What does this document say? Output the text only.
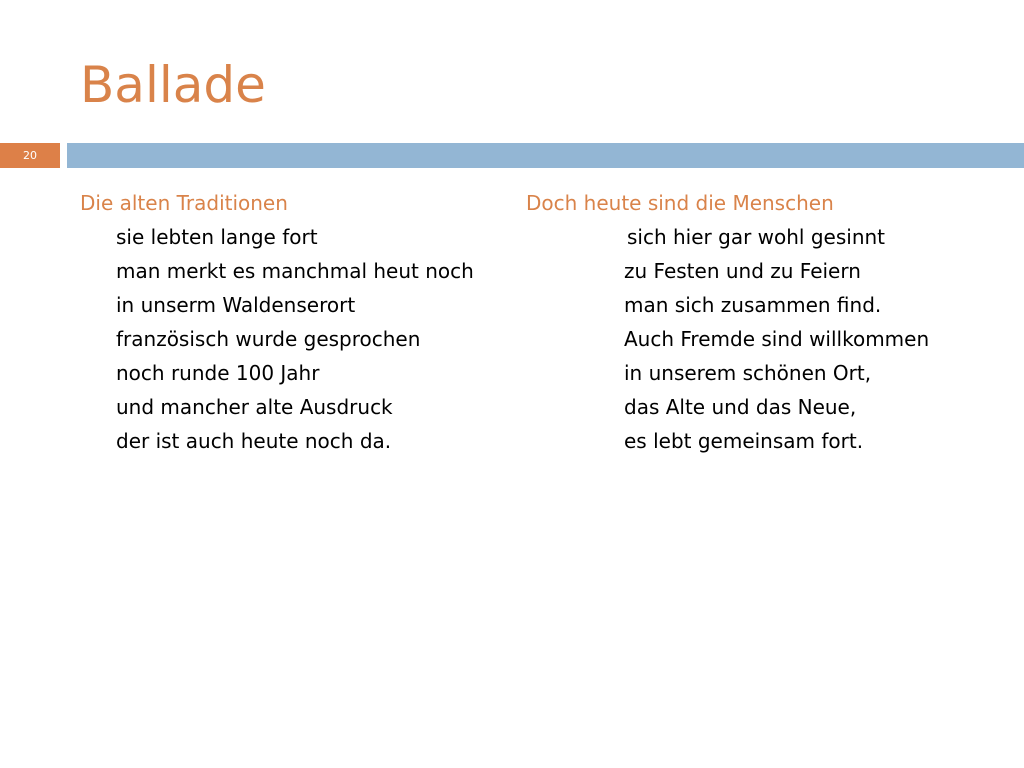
Ballade
20
Die alten Traditionen
sie lebten lange fort
man merkt es manchmal heut noch
in unserm Waldenserort
französisch wurde gesprochen
noch runde 100 Jahr
und mancher alte Ausdruck
der ist auch heute noch da.
Doch heute sind die Menschen
sich hier gar wohl gesinnt
zu Festen und zu Feiern
man sich zusammen find.
Auch Fremde sind willkommen
in unserem schönen Ort,
das Alte und das Neue,
es lebt gemeinsam fort.
